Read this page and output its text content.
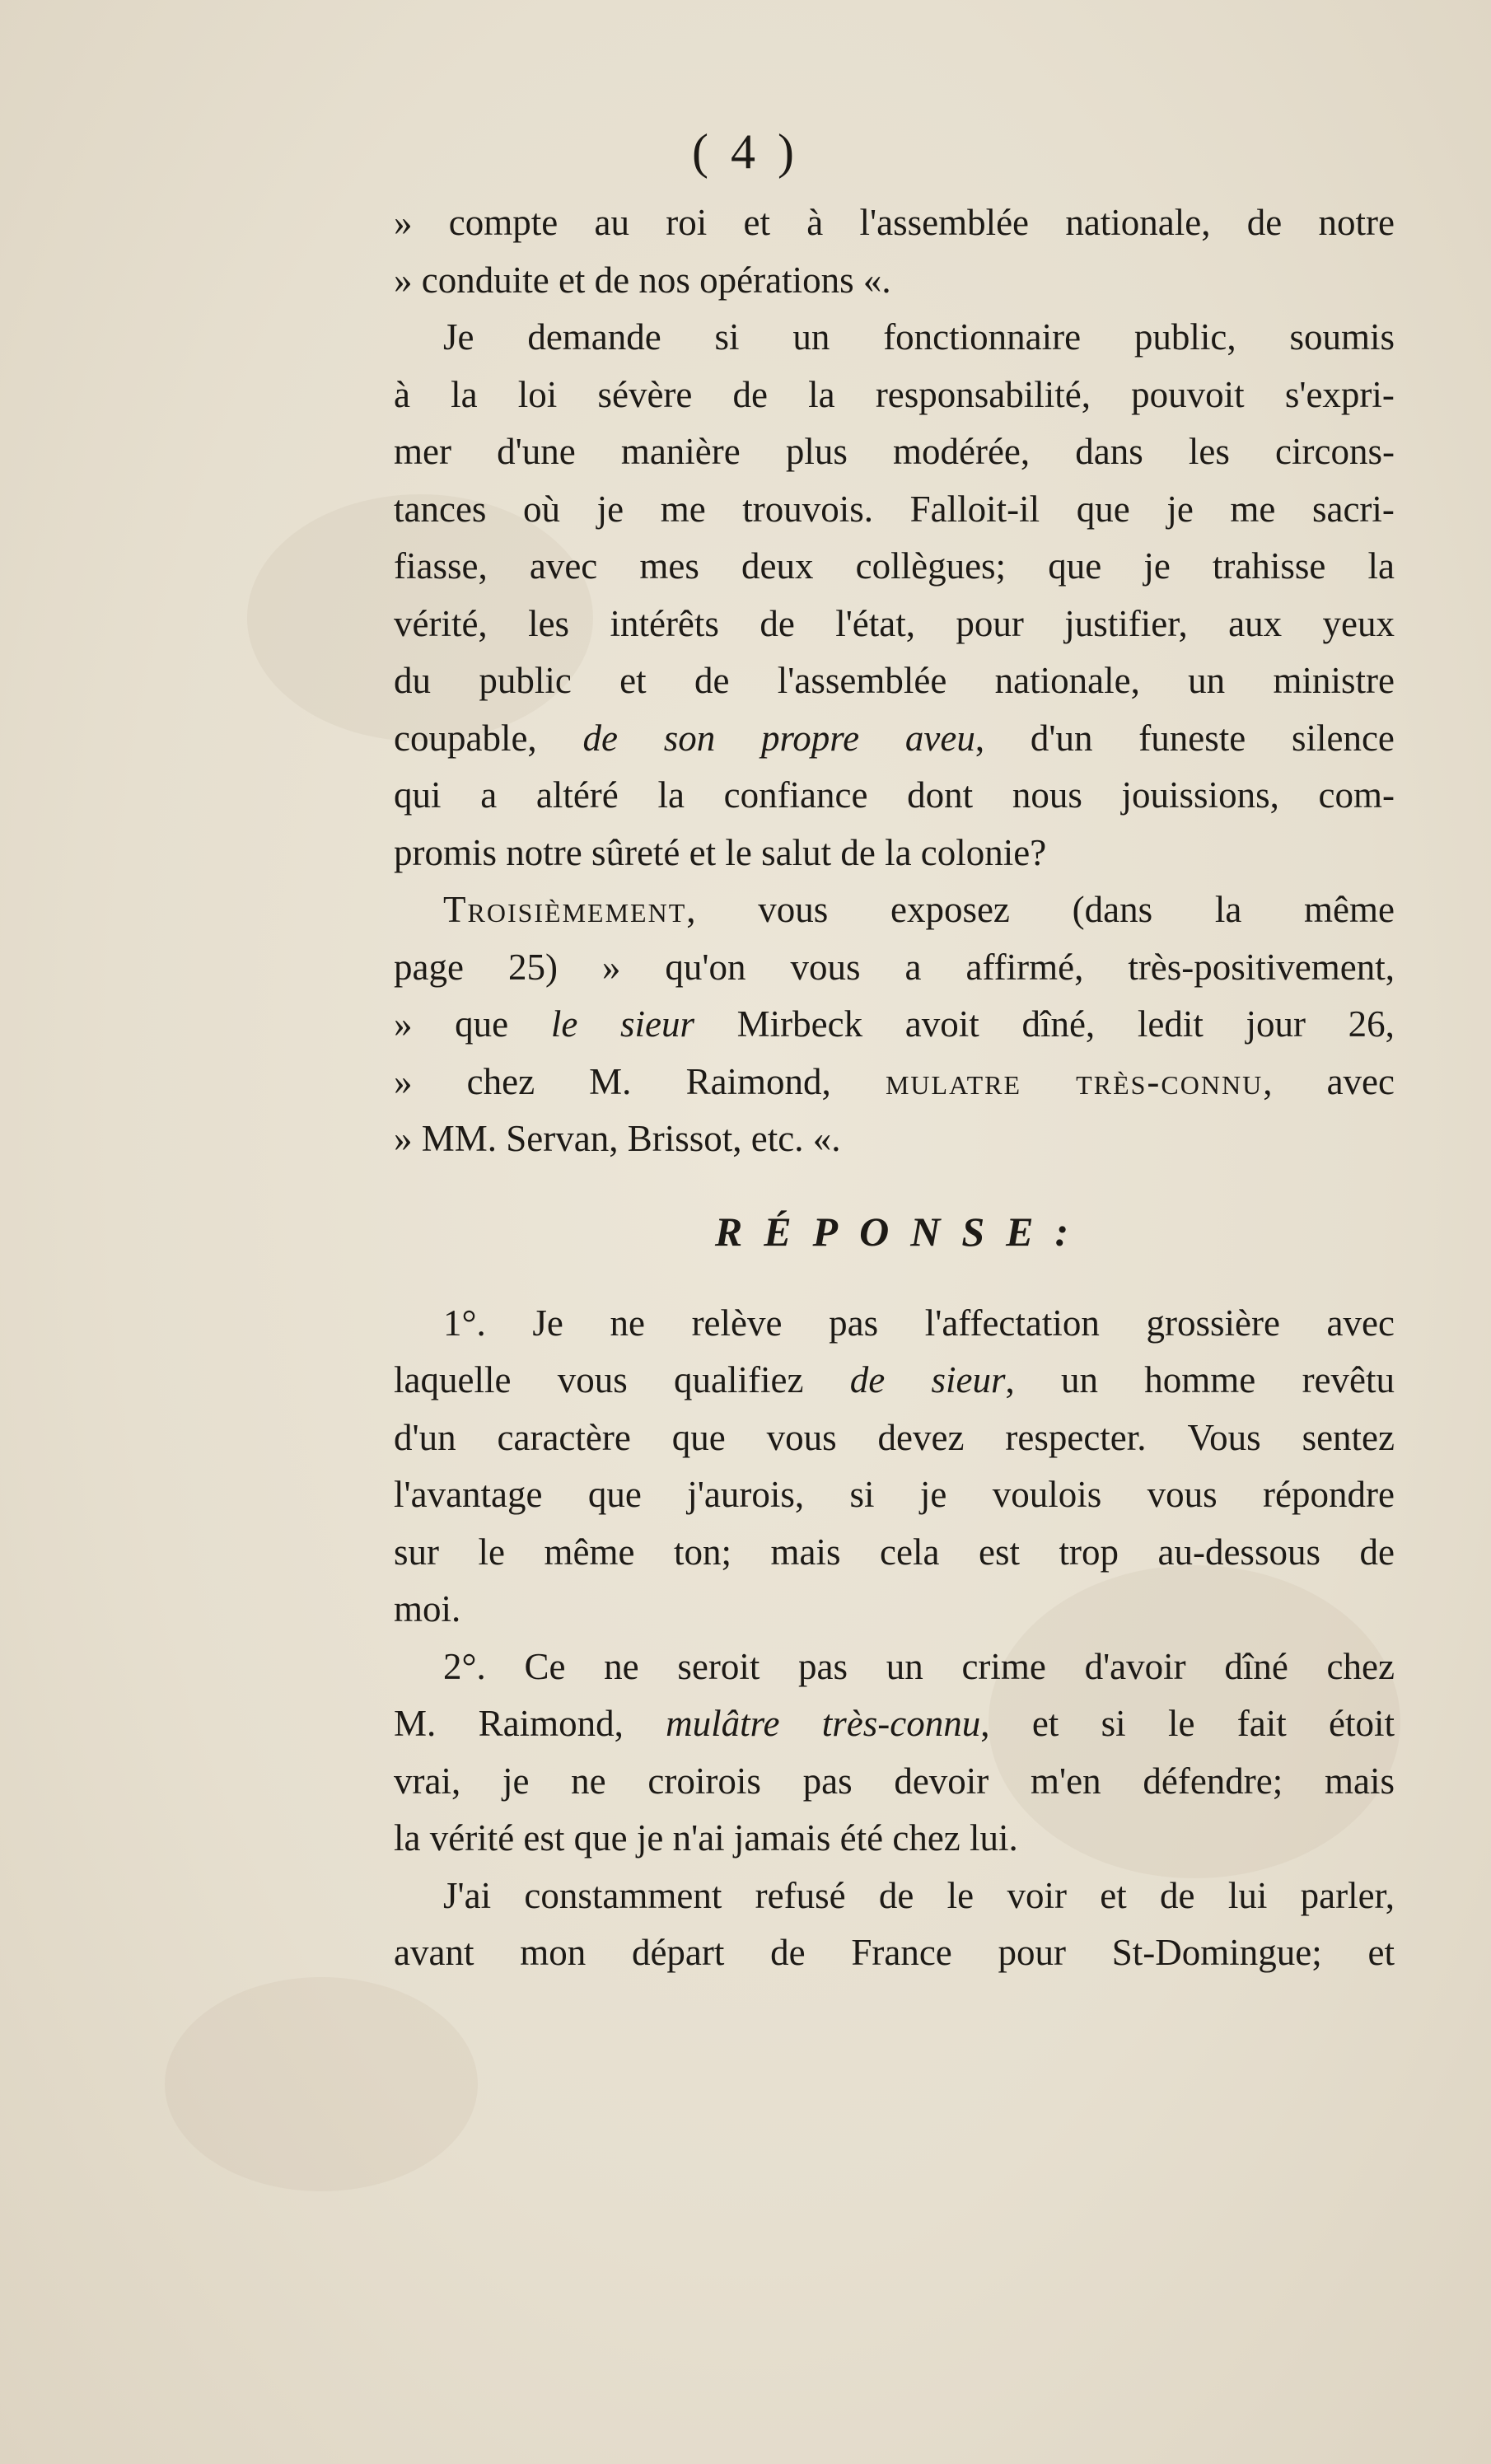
( 4 )
» compte au roi et à l'assemblée nationale, de notre
» conduite et de nos opérations «.
Je demande si un fonctionnaire public, soumis
à la loi sévère de la responsabilité, pouvoit s'expri-
mer d'une manière plus modérée, dans les circons-
tances où je me trouvois. Falloit-il que je me sacri-
fiasse, avec mes deux collègues; que je trahisse la
vérité, les intérêts de l'état, pour justifier, aux yeux
du public et de l'assemblée nationale, un ministre
coupable, de son propre aveu, d'un funeste silence
qui a altéré la confiance dont nous jouissions, com-
promis notre sûreté et le salut de la colonie?
Troisièmement, vous exposez (dans la même
page 25) » qu'on vous a affirmé, très-positivement,
» que le sieur Mirbeck avoit dîné, ledit jour 26,
» chez M. Raimond, mulatre très-connu, avec
» MM. Servan, Brissot, etc. «.
RÉPONSE:
1°. Je ne relève pas l'affectation grossière avec
laquelle vous qualifiez de sieur, un homme revêtu
d'un caractère que vous devez respecter. Vous sentez
l'avantage que j'aurois, si je voulois vous répondre
sur le même ton; mais cela est trop au-dessous de
moi.
2°. Ce ne seroit pas un crime d'avoir dîné chez
M. Raimond, mulâtre très-connu, et si le fait étoit
vrai, je ne croirois pas devoir m'en défendre; mais
la vérité est que je n'ai jamais été chez lui.
J'ai constamment refusé de le voir et de lui parler,
avant mon départ de France pour St-Domingue; et
